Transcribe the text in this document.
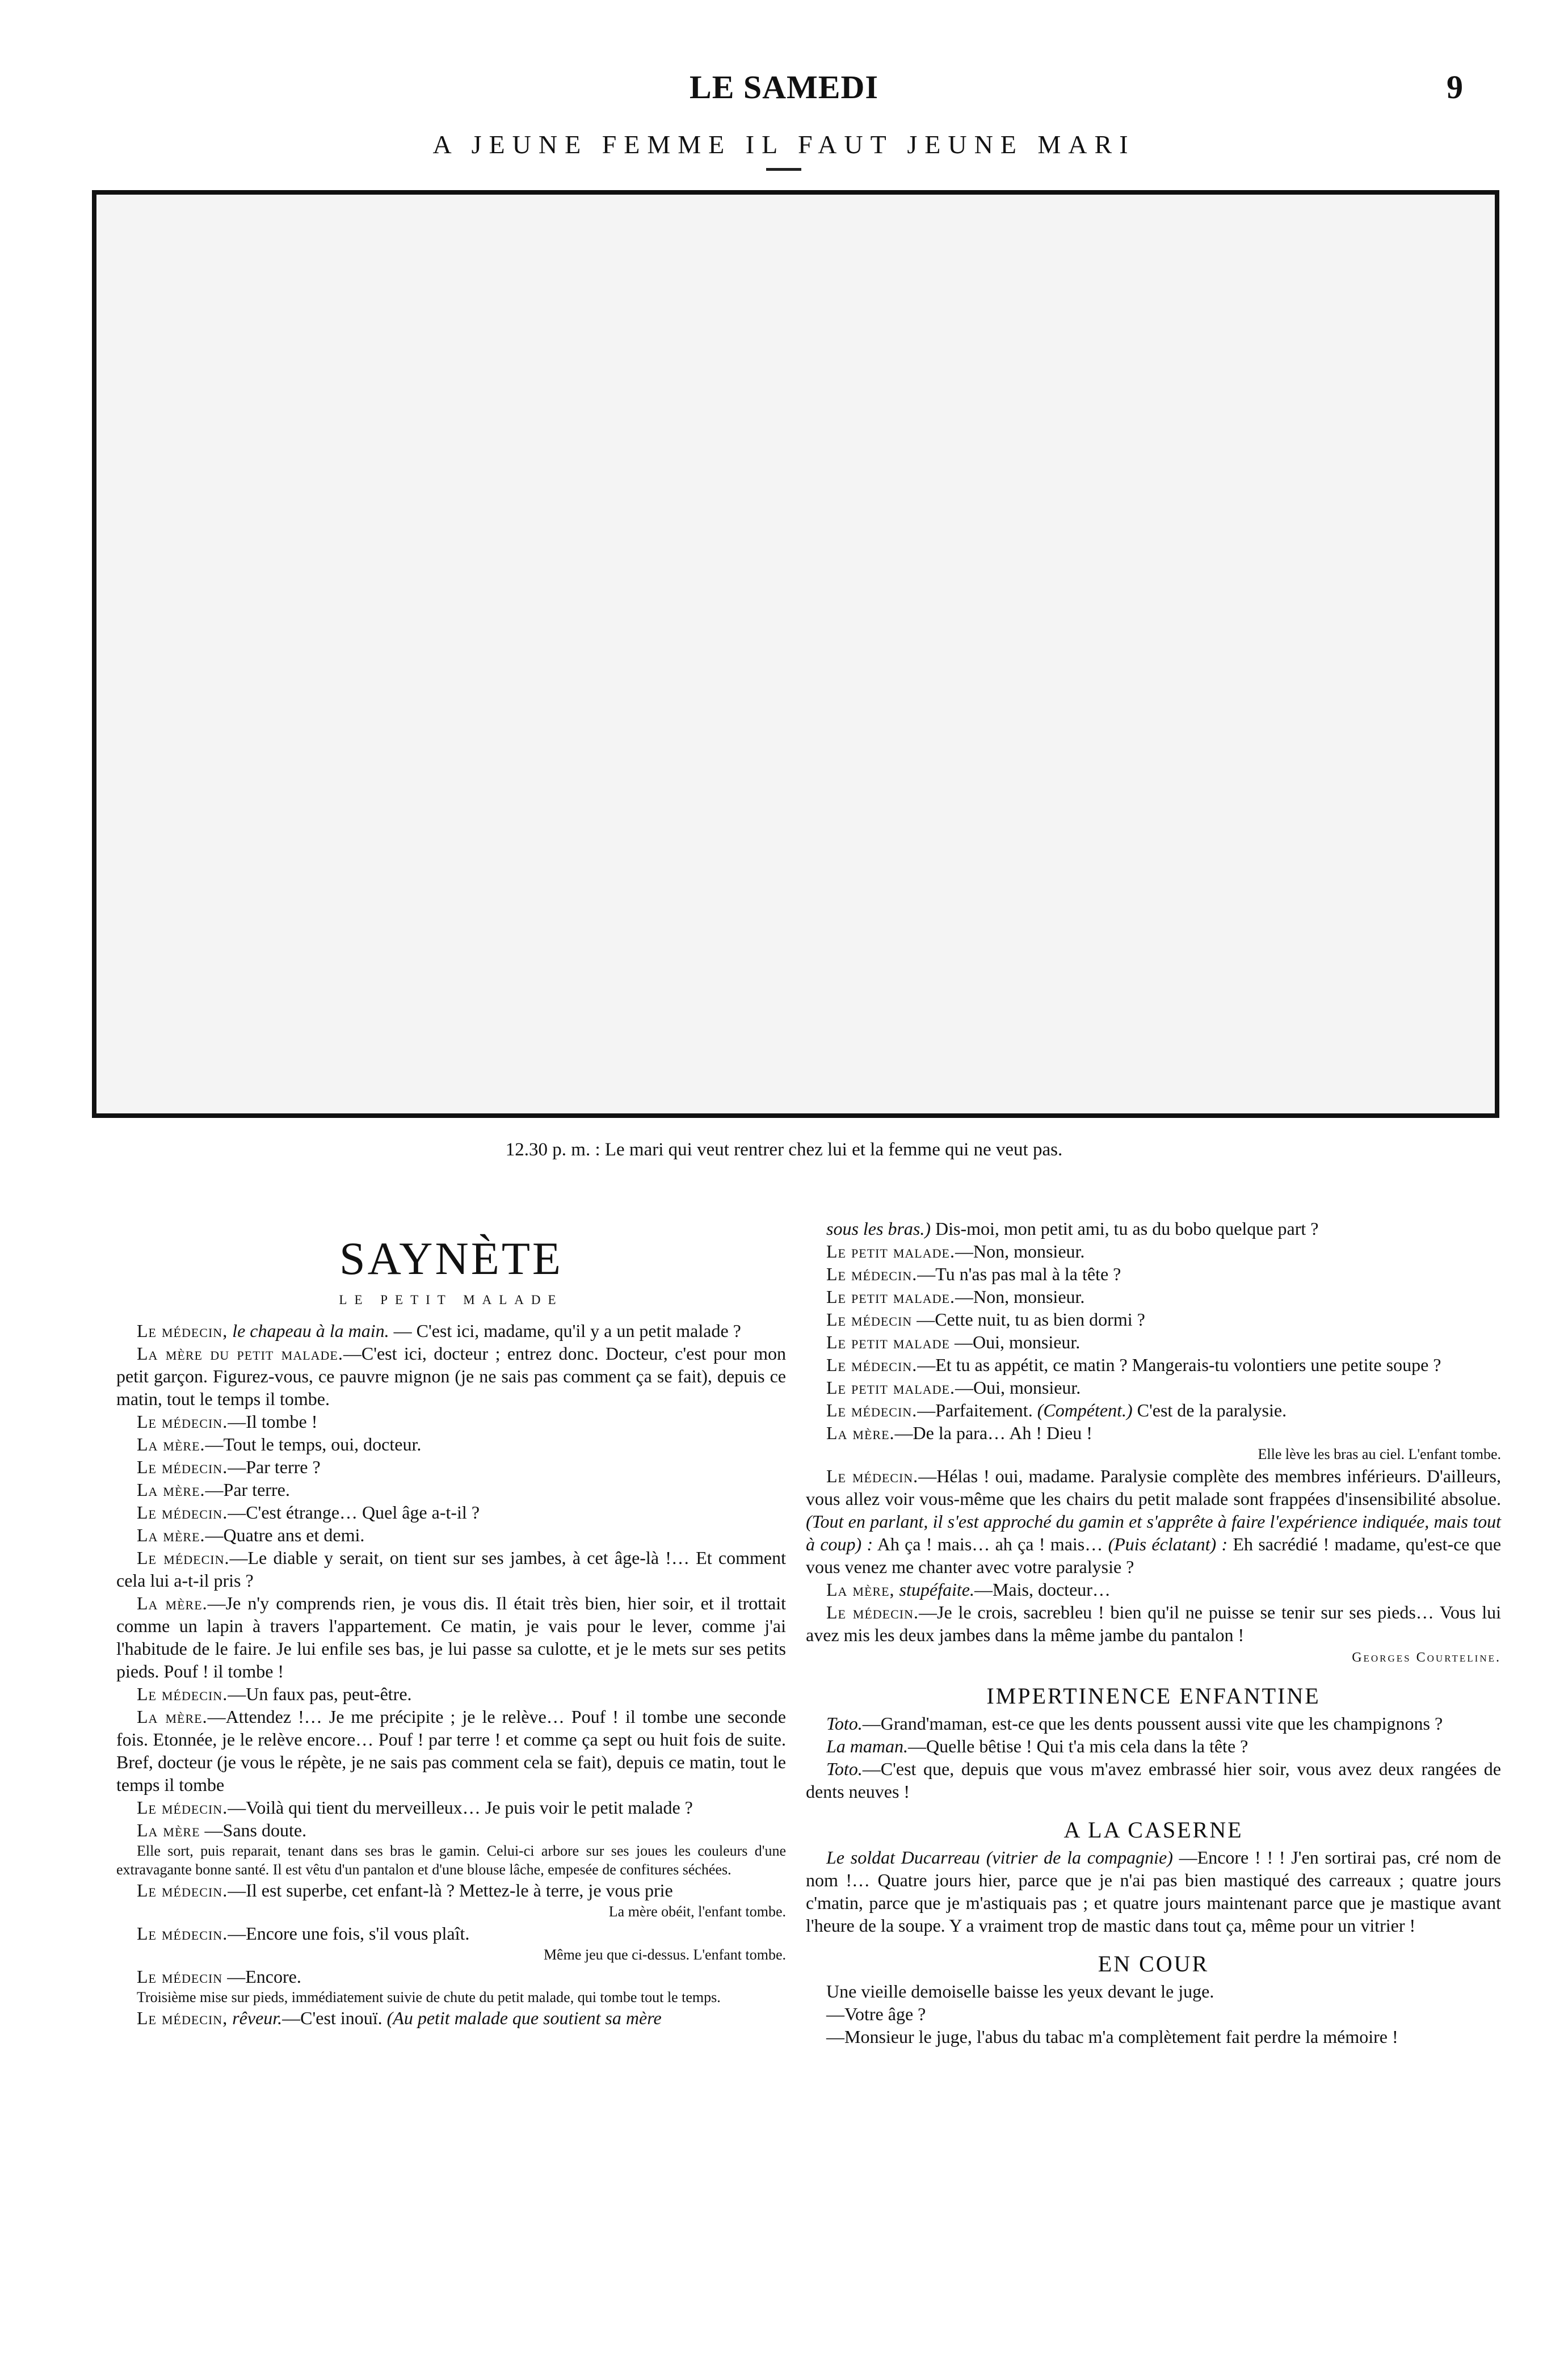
LE SAMEDI	9
A JEUNE FEMME IL FAUT JEUNE MARI
12.30 p. m. : Le mari qui veut rentrer chez lui et la femme qui ne veut pas.

SAYNÈTE

LE PETIT MALADE

Le médecin, le chapeau à la main. — C'est ici, madame, qu'il y a un petit malade ?

La mère du petit malade.—C'est ici, docteur ; entrez donc. Docteur, c'est pour mon petit garçon. Figurez-vous, ce pauvre mignon (je ne sais pas comment ça se fait), depuis ce matin, tout le temps il tombe.

Le médecin.—Il tombe !

La mère.—Tout le temps, oui, docteur.

Le médecin.—Par terre ?

La mère.—Par terre.

Le médecin.—C'est étrange… Quel âge a-t-il ?

La mère.—Quatre ans et demi.

Le médecin.—Le diable y serait, on tient sur ses jambes, à cet âge-là !… Et comment cela lui a-t-il pris ?

La mère.—Je n'y comprends rien, je vous dis. Il était très bien, hier soir, et il trottait comme un lapin à travers l'appartement. Ce matin, je vais pour le lever, comme j'ai l'habitude de le faire. Je lui enfile ses bas, je lui passe sa culotte, et je le mets sur ses petits pieds. Pouf ! il tombe !

Le médecin.—Un faux pas, peut-être.

La mère.—Attendez !… Je me précipite ; je le relève… Pouf ! il tombe une seconde fois. Etonnée, je le relève encore… Pouf ! par terre ! et comme ça sept ou huit fois de suite. Bref, docteur (je vous le répète, je ne sais pas comment cela se fait), depuis ce matin, tout le temps il tombe

Le médecin.—Voilà qui tient du merveilleux… Je puis voir le petit malade ?

La mère —Sans doute.

Elle sort, puis reparait, tenant dans ses bras le gamin. Celui-ci arbore sur ses joues les couleurs d'une extravagante bonne santé. Il est vêtu d'un pantalon et d'une blouse lâche, empesée de confitures séchées.

Le médecin.—Il est superbe, cet enfant-là ? Mettez-le à terre, je vous prie

La mère obéit, l'enfant tombe.

Le médecin.—Encore une fois, s'il vous plaît.

Même jeu que ci-dessus. L'enfant tombe.

Le médecin —Encore.

Troisième mise sur pieds, immédiatement suivie de chute du petit malade, qui tombe tout le temps.

Le médecin, rêveur.—C'est inouï. (Au petit malade que soutient sa mère

sous les bras.) Dis-moi, mon petit ami, tu as du bobo quelque part ?

Le petit malade.—Non, monsieur.

Le médecin.—Tu n'as pas mal à la tête ?

Le petit malade.—Non, monsieur.

Le médecin —Cette nuit, tu as bien dormi ?

Le petit malade —Oui, monsieur.

Le médecin.—Et tu as appétit, ce matin ? Mangerais-tu volontiers une petite soupe ?

Le petit malade.—Oui, monsieur.

Le médecin.—Parfaitement. (Compétent.) C'est de la paralysie.

La mère.—De la para… Ah ! Dieu !

Elle lève les bras au ciel. L'enfant tombe.

Le médecin.—Hélas ! oui, madame. Paralysie complète des membres inférieurs. D'ailleurs, vous allez voir vous-même que les chairs du petit malade sont frappées d'insensibilité absolue. (Tout en parlant, il s'est approché du gamin et s'apprête à faire l'expérience indiquée, mais tout à coup) : Ah ça ! mais… ah ça ! mais… (Puis éclatant) : Eh sacrédié ! madame, qu'est-ce que vous venez me chanter avec votre paralysie ?

La mère, stupéfaite.—Mais, docteur…

Le médecin.—Je le crois, sacrebleu ! bien qu'il ne puisse se tenir sur ses pieds… Vous lui avez mis les deux jambes dans la même jambe du pantalon !

Georges Courteline.

IMPERTINENCE ENFANTINE

Toto.—Grand'maman, est-ce que les dents poussent aussi vite que les champignons ?

La maman.—Quelle bêtise ! Qui t'a mis cela dans la tête ?

Toto.—C'est que, depuis que vous m'avez embrassé hier soir, vous avez deux rangées de dents neuves !

A LA CASERNE

Le soldat Ducarreau (vitrier de la compagnie) —Encore ! ! ! J'en sortirai pas, cré nom de nom !… Quatre jours hier, parce que je n'ai pas bien mastiqué des carreaux ; quatre jours c'matin, parce que je m'astiquais pas ; et quatre jours maintenant parce que je mastique avant l'heure de la soupe. Y a vraiment trop de mastic dans tout ça, même pour un vitrier !

EN COUR

Une vieille demoiselle baisse les yeux devant le juge.

—Votre âge ?

—Monsieur le juge, l'abus du tabac m'a complètement fait perdre la mémoire !
